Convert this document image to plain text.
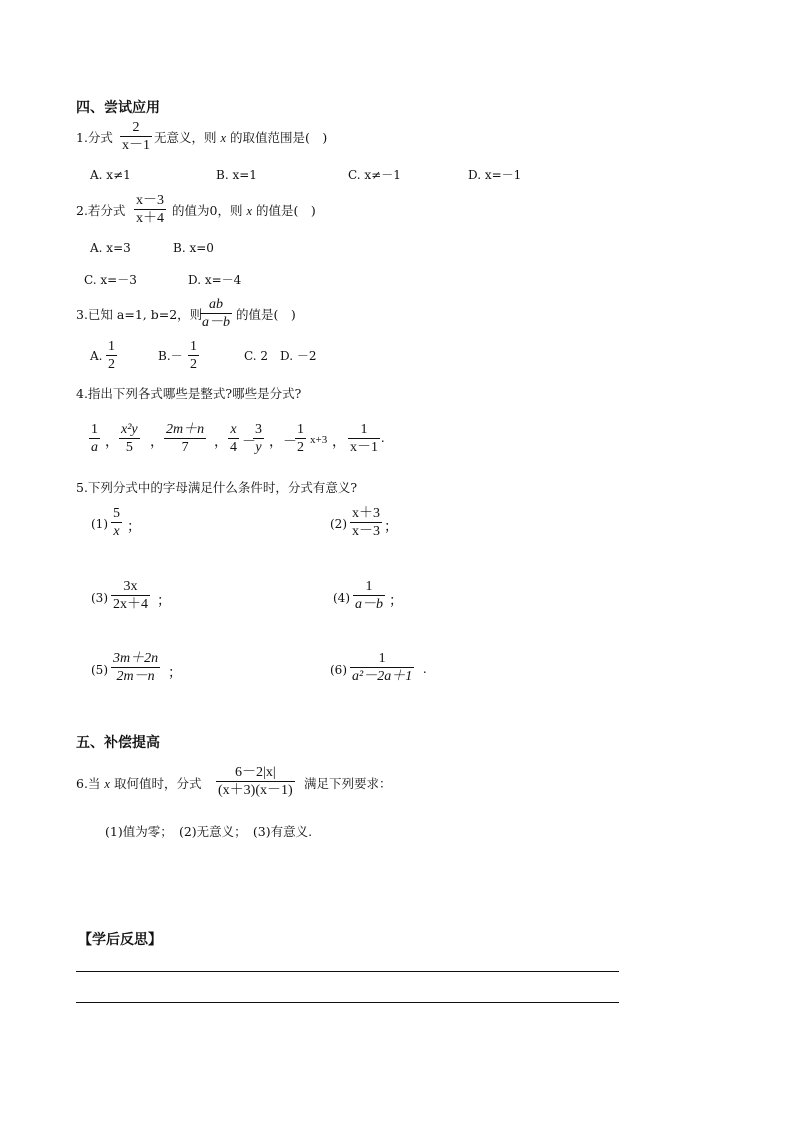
四、尝试应用
1.分式
2
x－1
无意义，则 x 的取值范围是(　)
A. x≠1	B. x=1	C. x≠－1	D. x=－1
2.若分式
x－3
x＋4
的值为0，则 x 的值是(　)
A. x=3	B. x=0
C. x=－3	D. x=－4
3.已知 a=1, b=2，则
ab
a－b
的值是(　)
A.
1
2
B.－
1
2
C. 2 D. －2
4.指出下列各式哪些是整式?哪些是分式?
1
a ，
x²y
5 ，
2m＋n
7 ，
x
4 －
3
y ， －
1
2 x+3 ，
1
x－1
.
5.下列分式中的字母满足什么条件时，分式有意义?
(1)
5
x ；	(2)
x＋3
x－3 ；
(3)
3x
2x＋4 ；	(4)
1
a－b ；
(5)
3m＋2n
2m－n ；	(6)
1
a²－2a＋1 .
五、补偿提高
6.当 x 取何值时，分式
6－2|x|
(x＋3)(x－1) 满足下列要求：
(1)值为零；　(2)无意义；　(3)有意义.
【学后反思】
